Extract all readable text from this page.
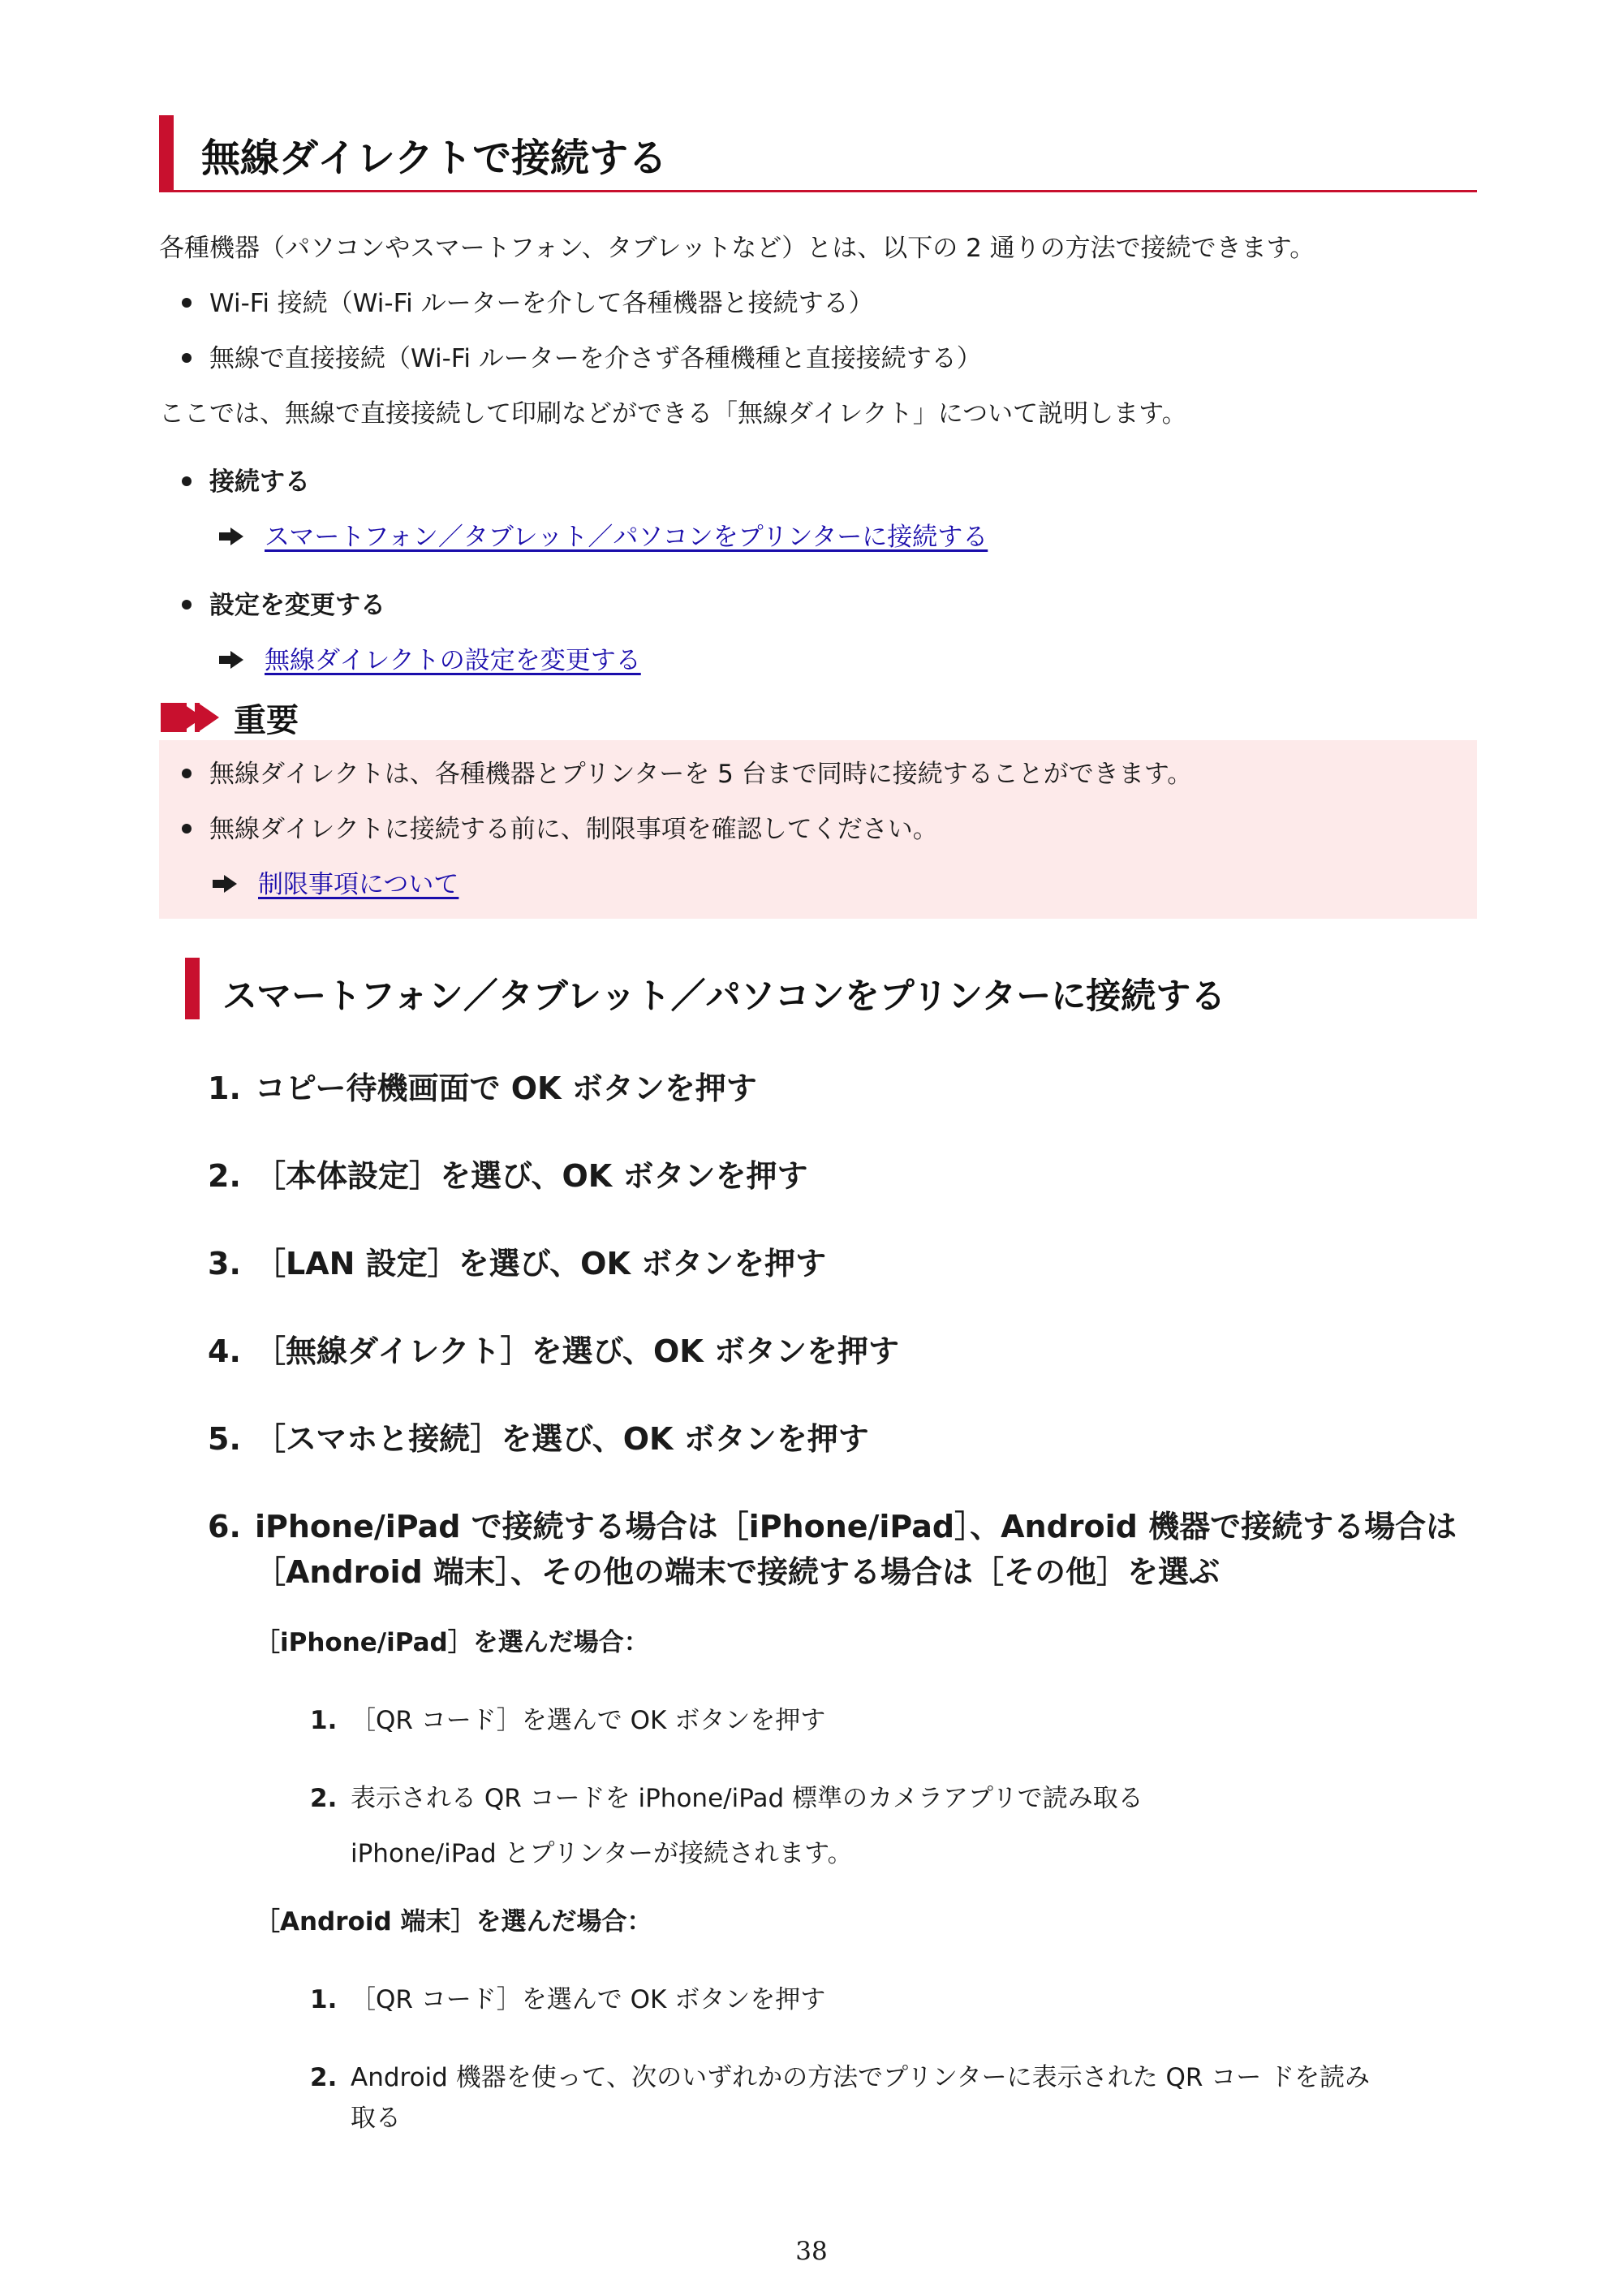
無線ダイレクトで接続する
各種機器（パソコンやスマートフォン、タブレットなど）とは、以下の 2 通りの方法で接続できます。
Wi-Fi 接続（Wi-Fi ルーターを介して各種機器と接続する）
無線で直接接続（Wi-Fi ルーターを介さず各種機種と直接接続する）
ここでは、無線で直接接続して印刷などができる「無線ダイレクト」について説明します。
接続する
スマートフォン／タブレット／パソコンをプリンターに接続する
設定を変更する
無線ダイレクトの設定を変更する
重要
無線ダイレクトは、各種機器とプリンターを 5 台まで同時に接続することができます。
無線ダイレクトに接続する前に、制限事項を確認してください。
制限事項について
スマートフォン／タブレット／パソコンをプリンターに接続する
1. コピー待機画面で OK ボタンを押す
2. ［本体設定］を選び、OK ボタンを押す
3. ［LAN 設定］を選び、OK ボタンを押す
4. ［無線ダイレクト］を選び、OK ボタンを押す
5. ［スマホと接続］を選び、OK ボタンを押す
6. iPhone/iPad で接続する場合は［iPhone/iPad］、Android 機器で接続する場合は
［Android 端末］、その他の端末で接続する場合は［その他］を選ぶ
［iPhone/iPad］を選んだ場合：
1. ［QR コード］を選んで OK ボタンを押す
2. 表示される QR コードを iPhone/iPad 標準のカメラアプリで読み取る
iPhone/iPad とプリンターが接続されます。
［Android 端末］を選んだ場合：
1. ［QR コード］を選んで OK ボタンを押す
2. Android 機器を使って、次のいずれかの方法でプリンターに表示された QR コー ドを読み
取る
38
